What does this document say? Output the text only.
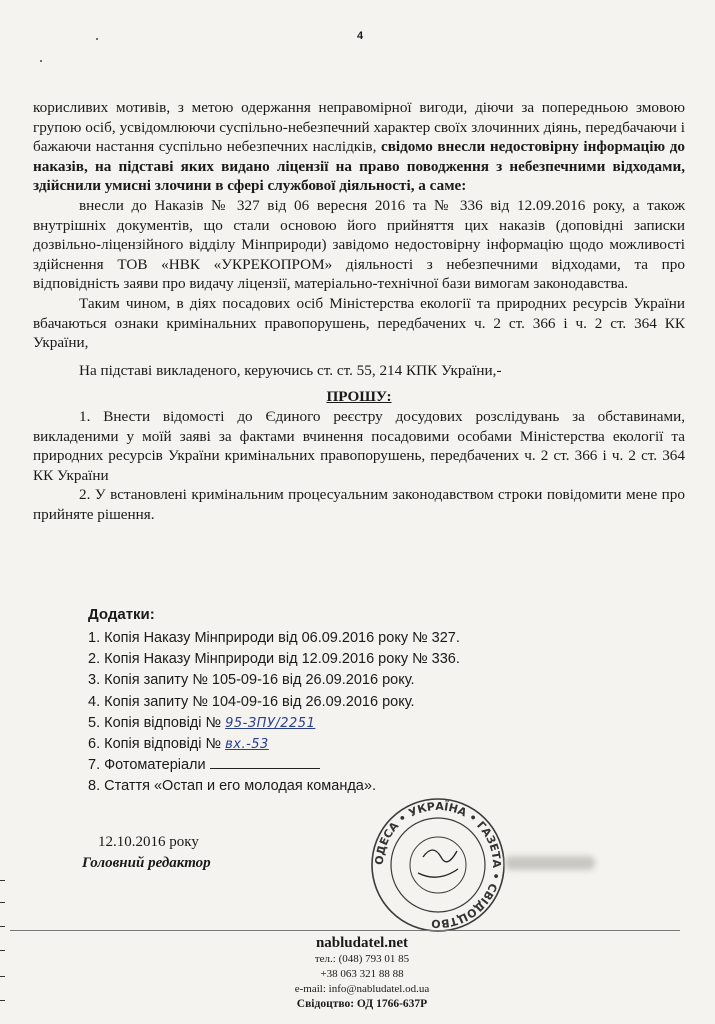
4

корисливих мотивів, з метою одержання неправомірної вигоди, діючи за попередньою змовою групою осіб, усвідомлюючи суспільно-небезпечний характер своїх злочинних діянь, передбачаючи і бажаючи настання суспільно небезпечних наслідків, свідомо внесли недостовірну інформацію до наказів, на підставі яких видано ліцензії на право поводження з небезпечними відходами, здійснили умисні злочини в сфері службової діяльності, а саме:

внесли до Наказів № 327 від 06 вересня 2016 та № 336 від 12.09.2016 року, а також внутрішніх документів, що стали основою його прийняття цих наказів (доповідні записки дозвільно-ліцензійного відділу Мінприроди) завідомо недостовірну інформацію щодо можливості здійснення ТОВ «НВК «УКРЕКОПРОМ» діяльності з небезпечними відходами, та про відповідність заяви про видачу ліцензії, матеріально-технічної бази вимогам законодавства.

Таким чином, в діях посадових осіб Міністерства екології та природних ресурсів України вбачаються ознаки кримінальних правопорушень, передбачених ч. 2 ст. 366 і ч. 2 ст. 364 КК України,

На підставі викладеного, керуючись ст. ст. 55, 214 КПК України,-

ПРОШУ:

1. Внести відомості до Єдиного реєстру досудових розслідувань за обставинами, викладеними у моїй заяві за фактами вчинення посадовими особами Міністерства екології та природних ресурсів України кримінальних правопорушень, передбачених ч. 2 ст. 366 і ч. 2 ст. 364 КК України

2. У встановлені кримінальним процесуальним законодавством строки повідомити мене про прийняте рішення.

Додатки:
1. Копія Наказу Мінприроди від 06.09.2016 року № 327.
2. Копія Наказу Мінприроди від 12.09.2016 року № 336.
3. Копія запиту № 105-09-16 від 26.09.2016 року.
4. Копія запиту № 104-09-16 від 26.09.2016 року.
5. Копія відповіді № 95-ЗПУ/2251
6. Копія відповіді № вх.-53
7. Фотоматеріали
8. Стаття «Остап и его молодая команда».
12.10.2016 року
Головний редактор	ОДЕСА • УКРАЇНА • ГАЗЕТА • СВІДОЦТВО
nabludatel.net
тел.: (048) 793 01 85
+38 063 321 88 88
e-mail: info@nabludatel.od.ua
Свідоцтво: ОД 1766-637Р
